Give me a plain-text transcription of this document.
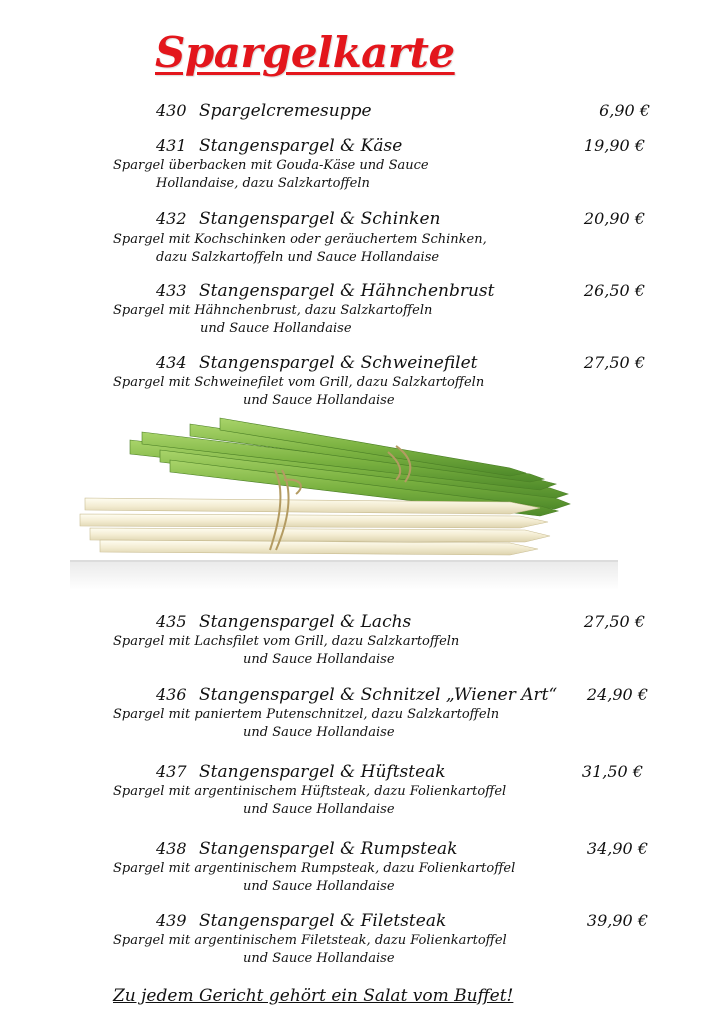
Spargelkarte
430 Spargelcremesuppe	6,90 €
431 Stangenspargel & Käse	19,90 €
Spargel überbacken mit Gouda-Käse und Sauce
Hollandaise, dazu Salzkartoffeln
432 Stangenspargel & Schinken	20,90 €
Spargel mit Kochschinken oder geräuchertem Schinken,
dazu Salzkartoffeln und Sauce Hollandaise
433 Stangenspargel & Hähnchenbrust	26,50 €
Spargel mit Hähnchenbrust, dazu Salzkartoffeln
und Sauce Hollandaise
434 Stangenspargel & Schweinefilet	27,50 €
Spargel mit Schweinefilet vom Grill, dazu Salzkartoffeln
und Sauce Hollandaise
435 Stangenspargel & Lachs	27,50 €
Spargel mit Lachsfilet vom Grill, dazu Salzkartoffeln
und Sauce Hollandaise
436 Stangenspargel & Schnitzel „Wiener Art“	24,90 €
Spargel mit paniertem Putenschnitzel, dazu Salzkartoffeln
und Sauce Hollandaise
437 Stangenspargel & Hüftsteak	31,50 €
Spargel mit argentinischem Hüftsteak, dazu Folienkartoffel
und Sauce Hollandaise
438 Stangenspargel & Rumpsteak	34,90 €
Spargel mit argentinischem Rumpsteak, dazu Folienkartoffel
und Sauce Hollandaise
439 Stangenspargel & Filetsteak	39,90 €
Spargel mit argentinischem Filetsteak, dazu Folienkartoffel
und Sauce Hollandaise
Zu jedem Gericht gehört ein Salat vom Buffet!
